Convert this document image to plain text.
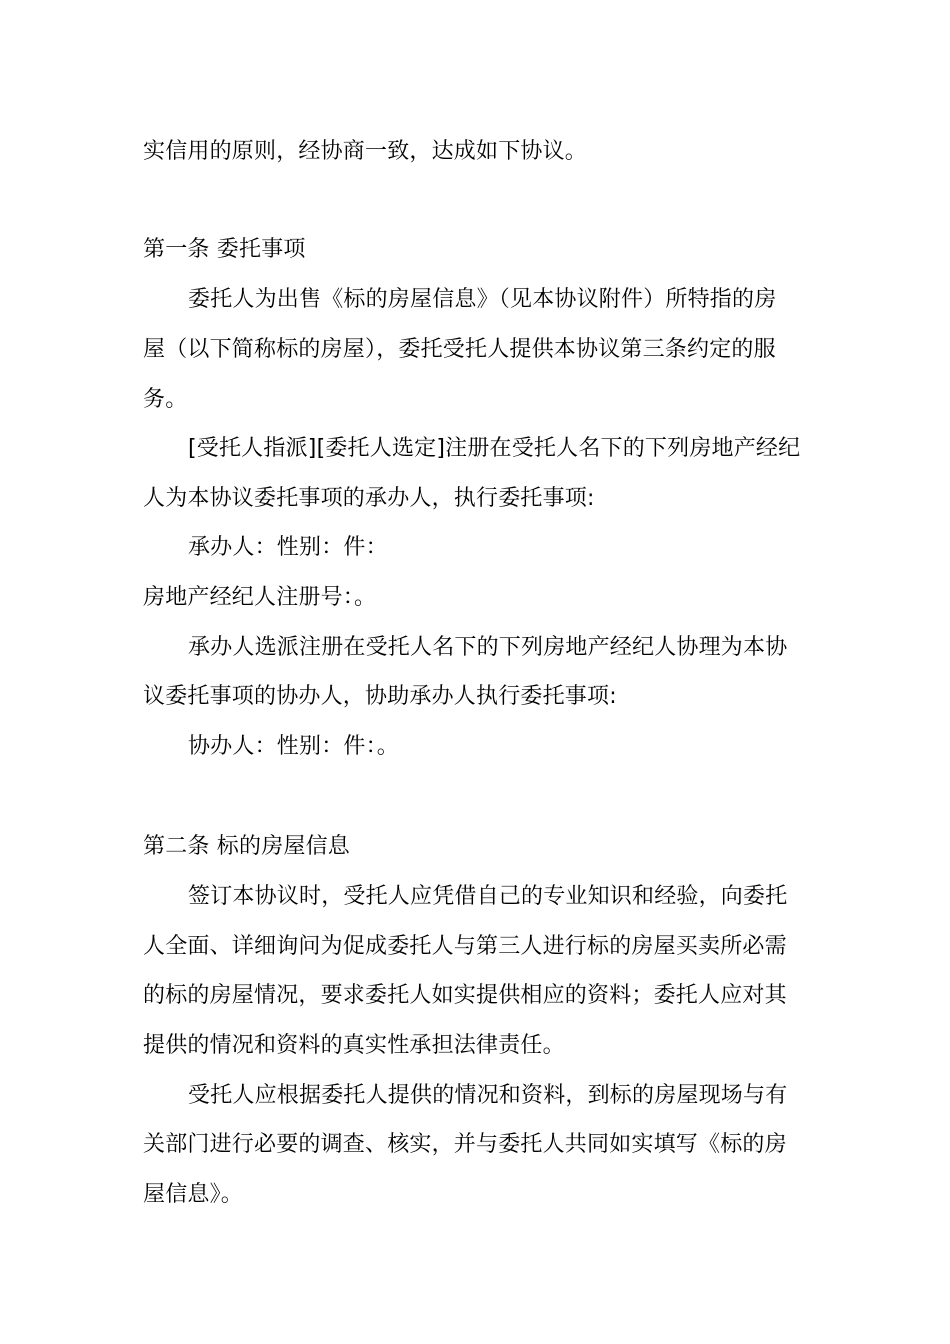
实信用的原则，经协商一致，达成如下协议。
第一条 委托事项
委托人为出售《标的房屋信息》（见本协议附件）所特指的房
屋（以下简称标的房屋），委托受托人提供本协议第三条约定的服
务。
[受托人指派][委托人选定]注册在受托人名下的下列房地产经纪
人为本协议委托事项的承办人，执行委托事项:
承办人：性别：件：
房地产经纪人注册号：。
承办人选派注册在受托人名下的下列房地产经纪人协理为本协
议委托事项的协办人，协助承办人执行委托事项:
协办人：性别：件：。
第二条 标的房屋信息
签订本协议时，受托人应凭借自己的专业知识和经验，向委托
人全面、详细询问为促成委托人与第三人进行标的房屋买卖所必需
的标的房屋情况，要求委托人如实提供相应的资料；委托人应对其
提供的情况和资料的真实性承担法律责任。
受托人应根据委托人提供的情况和资料，到标的房屋现场与有
关部门进行必要的调查、核实，并与委托人共同如实填写《标的房
屋信息》。
